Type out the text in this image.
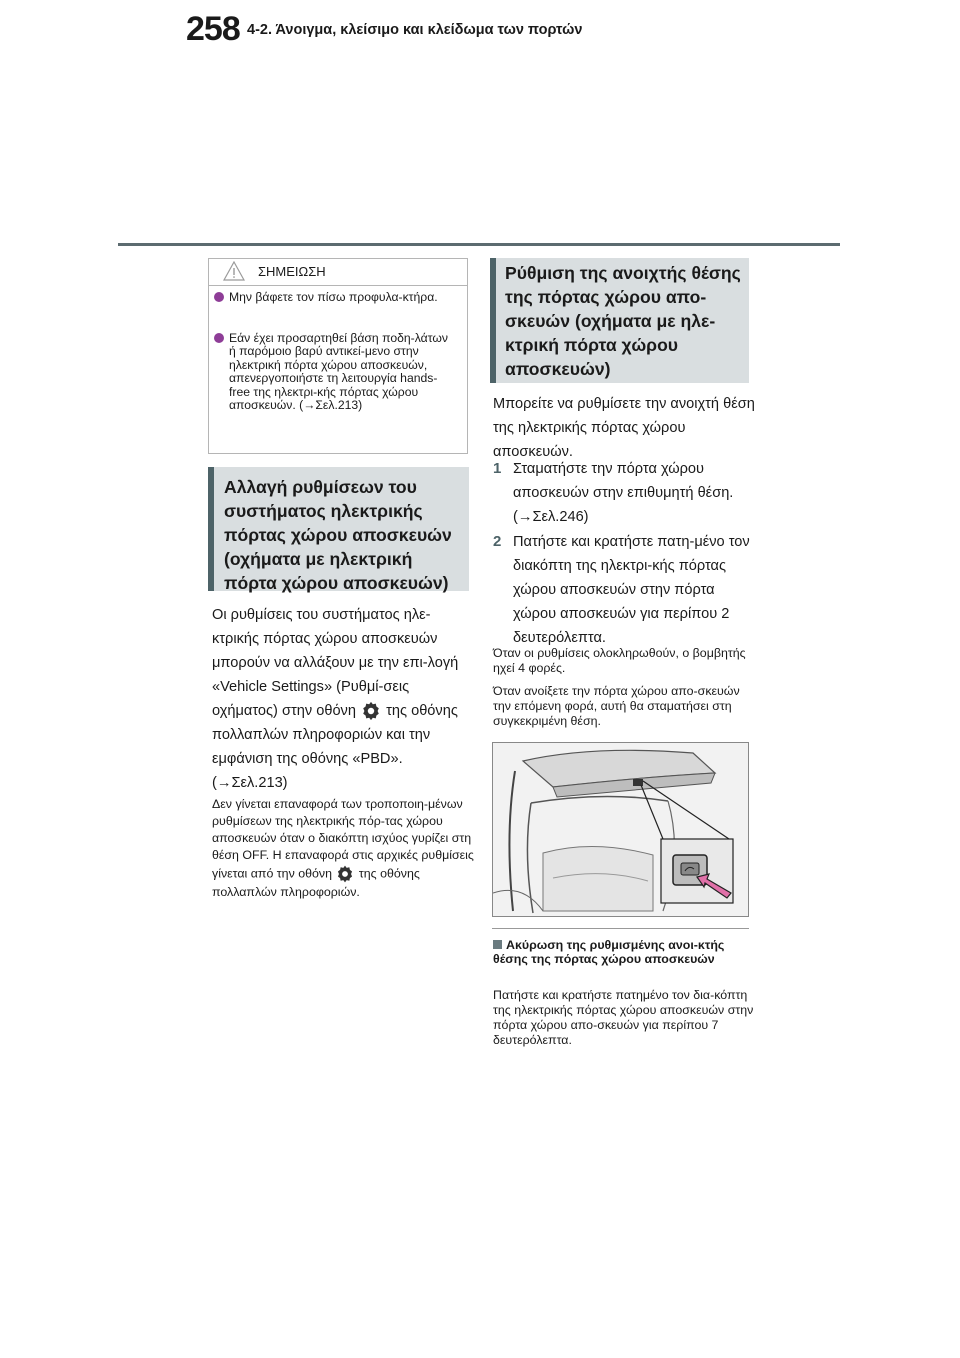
258 4-2. Άνοιγμα, κλείσιμο και κλείδωμα των πορτών
ΣΗΜΕΙΩΣΗ
Μην βάφετε τον πίσω προφυλα-κτήρα.
Εάν έχει προσαρτηθεί βάση ποδη-λάτων ή παρόμοιο βαρύ αντικεί-μενο στην ηλεκτρική πόρτα χώρου αποσκευών, απενεργοποιήστε τη λειτουργία hands-free της ηλεκτρι-κής πόρτας χώρου αποσκευών. (→Σελ.213)
Αλλαγή ρυθμίσεων του
συστήματος ηλεκτρικής
πόρτας χώρου αποσκευών
(οχήματα με ηλεκτρική
πόρτα χώρου αποσκευών)
Οι ρυθμίσεις του συστήματος ηλε-κτρικής πόρτας χώρου αποσκευών μπορούν να αλλάξουν με την επι-λογή «Vehicle Settings» (Ρυθμί-σεις οχήματος) στην οθόνη της οθόνης πολλαπλών πληροφοριών και την εμφάνιση της οθόνης «PBD». (→Σελ.213)
Δεν γίνεται επαναφορά των τροποποιη-μένων ρυθμίσεων της ηλεκτρικής πόρ-τας χώρου αποσκευών όταν ο διακόπτη ισχύος γυρίζει στη θέση OFF. Η επαναφορά στις αρχικές ρυθμίσεις γίνεται από την οθόνη της οθόνης πολλαπλών πληροφοριών.
Ρύθμιση της ανοιχτής θέσης
της πόρτας χώρου απο-
σκευών (οχήματα με ηλε-
κτρική πόρτα χώρου
αποσκευών)
Μπορείτε να ρυθμίσετε την ανοιχτή θέση της ηλεκτρικής πόρτας χώρου αποσκευών.
1 Σταματήστε την πόρτα χώρου αποσκευών στην επιθυμητή θέση. (→Σελ.246)
2 Πατήστε και κρατήστε πατη-μένο τον διακόπτη της ηλεκτρι-κής πόρτας χώρου αποσκευών στην πόρτα χώρου αποσκευών για περίπου 2 δευτερόλεπτα.
Όταν οι ρυθμίσεις ολοκληρωθούν, ο βομβητής ηχεί 4 φορές.
Όταν ανοίξετε την πόρτα χώρου απο-σκευών την επόμενη φορά, αυτή θα σταματήσει στη συγκεκριμένη θέση.
Ακύρωση της ρυθμισμένης ανοι-κτής θέσης της πόρτας χώρου αποσκευών
Πατήστε και κρατήστε πατημένο τον δια-κόπτη της ηλεκτρικής πόρτας χώρου αποσκευών στην πόρτα χώρου απο-σκευών για περίπου 7 δευτερόλεπτα.
